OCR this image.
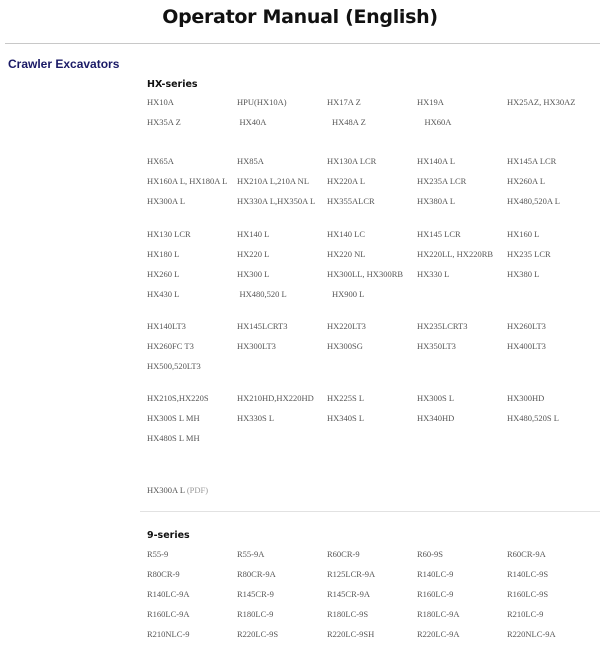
Operator Manual (English)
Crawler Excavators
HX-series
HX10A	HPU(HX10A)	HX17A Z	HX19A	HX25AZ, HX30AZ
HX35A Z	HX40A	HX48A Z	HX60A
HX65A	HX85A	HX130A LCR	HX140A L	HX145A LCR
HX160A L, HX180A L	HX210A L,210A NL	HX220A L	HX235A LCR	HX260A L
HX300A L	HX330A L,HX350A L	HX355ALCR	HX380A L	HX480,520A L
HX130 LCR	HX140 L	HX140 LC	HX145 LCR	HX160 L
HX180 L	HX220 L	HX220 NL	HX220LL, HX220RB	HX235 LCR
HX260 L	HX300 L	HX300LL, HX300RB	HX330 L	HX380 L
HX430 L	HX480,520 L	HX900 L
HX140LT3	HX145LCRT3	HX220LT3	HX235LCRT3	HX260LT3
HX260FC T3	HX300LT3	HX300SG	HX350LT3	HX400LT3
HX500,520LT3
HX210S,HX220S	HX210HD,HX220HD	HX225S L	HX300S L	HX300HD
HX300S L MH	HX330S L	HX340S L	HX340HD	HX480,520S L
HX480S L MH
HX300A L (PDF)
9-series
R55-9	R55-9A	R60CR-9	R60-9S	R60CR-9A
R80CR-9	R80CR-9A	R125LCR-9A	R140LC-9	R140LC-9S
R140LC-9A	R145CR-9	R145CR-9A	R160LC-9	R160LC-9S
R160LC-9A	R180LC-9	R180LC-9S	R180LC-9A	R210LC-9
R210NLC-9	R220LC-9S	R220LC-9SH	R220LC-9A	R220NLC-9A
